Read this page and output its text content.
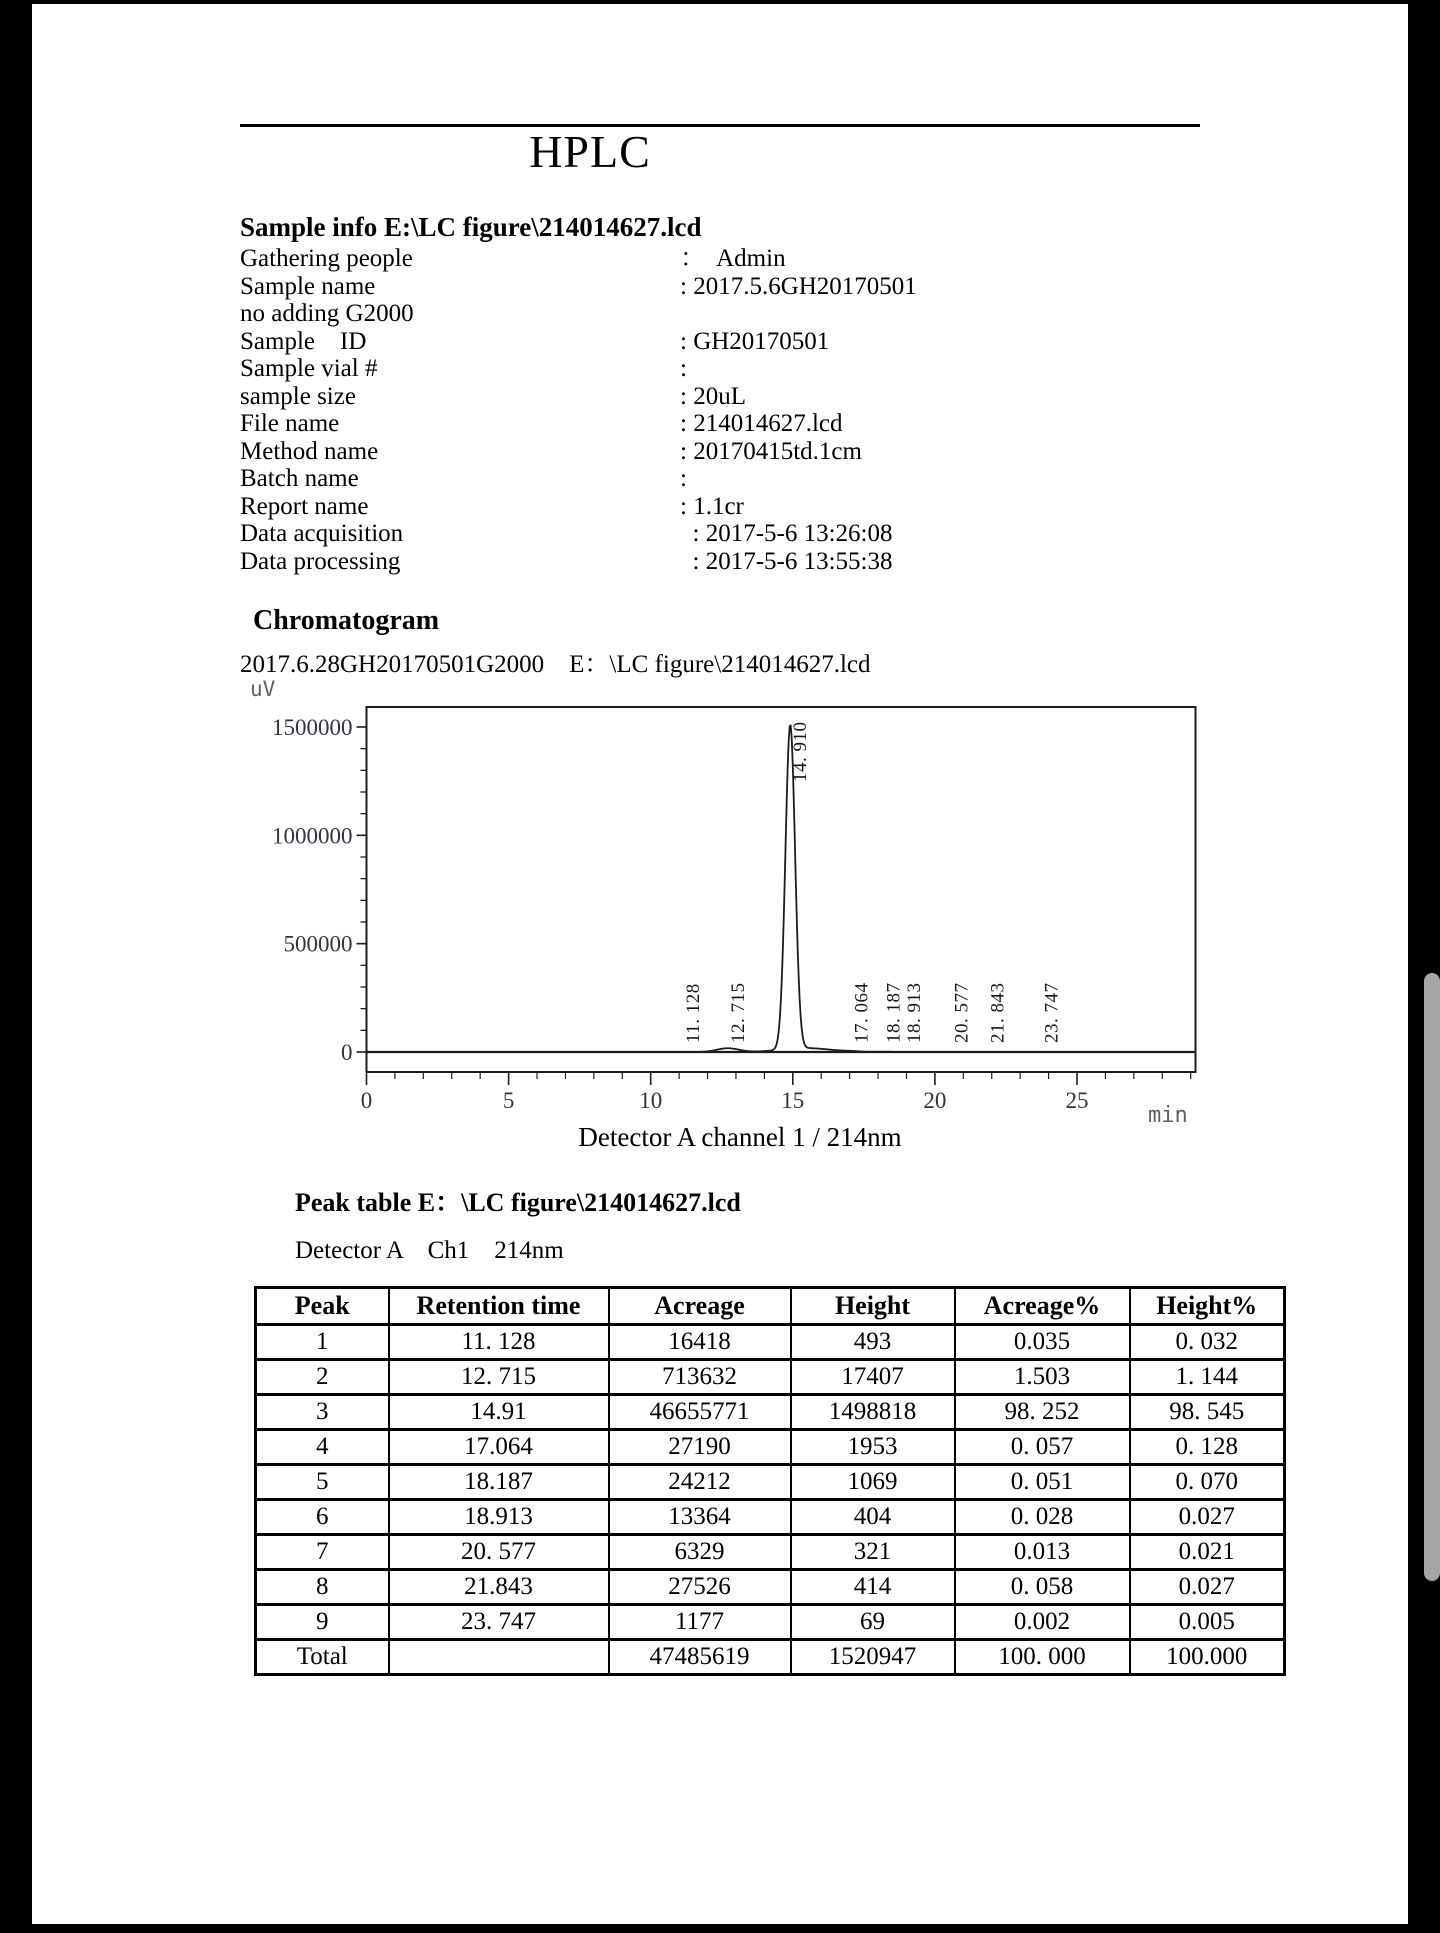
HPLC
Sample info E:\LC figure\214014627.lcd
Gathering people	：  Admin
Sample name	: 2017.5.6GH20170501
no adding G2000
Sample    ID	: GH20170501
Sample vial #	:
sample size	: 20uL
File name	: 214014627.lcd
Method name	: 20170415td.1cm
Batch name	:
Report name	: 1.1cr
Data acquisition	: 2017-5-6 13:26:08
Data processing	: 2017-5-6 13:55:38
Chromatogram
2017.6.28GH20170501G2000    E：\LC figure\214014627.lcd
0
500000
1000000
1500000
0	5	10	15	20	25
uV
min
11. 128 12. 715
14. 910
17. 064 18. 187 18. 913 20. 577 21. 843 23. 747
Detector A channel 1 / 214nm
Peak table E：\LC figure\214014627.lcd
Detector A    Ch1    214nm
Peak	Retention time	Acreage	Height	Acreage%	Height%
1	11. 128	16418	493	0.035	0. 032
2	12. 715	713632	17407	1.503	1. 144
3	14.91	46655771	1498818	98. 252	98. 545
4	17.064	27190	1953	0. 057	0. 128
5	18.187	24212	1069	0. 051	0. 070
6	18.913	13364	404	0. 028	0.027
7	20. 577	6329	321	0.013	0.021
8	21.843	27526	414	0. 058	0.027
9	23. 747	1177	69	0.002	0.005
Total		47485619	1520947	100. 000	100.000
